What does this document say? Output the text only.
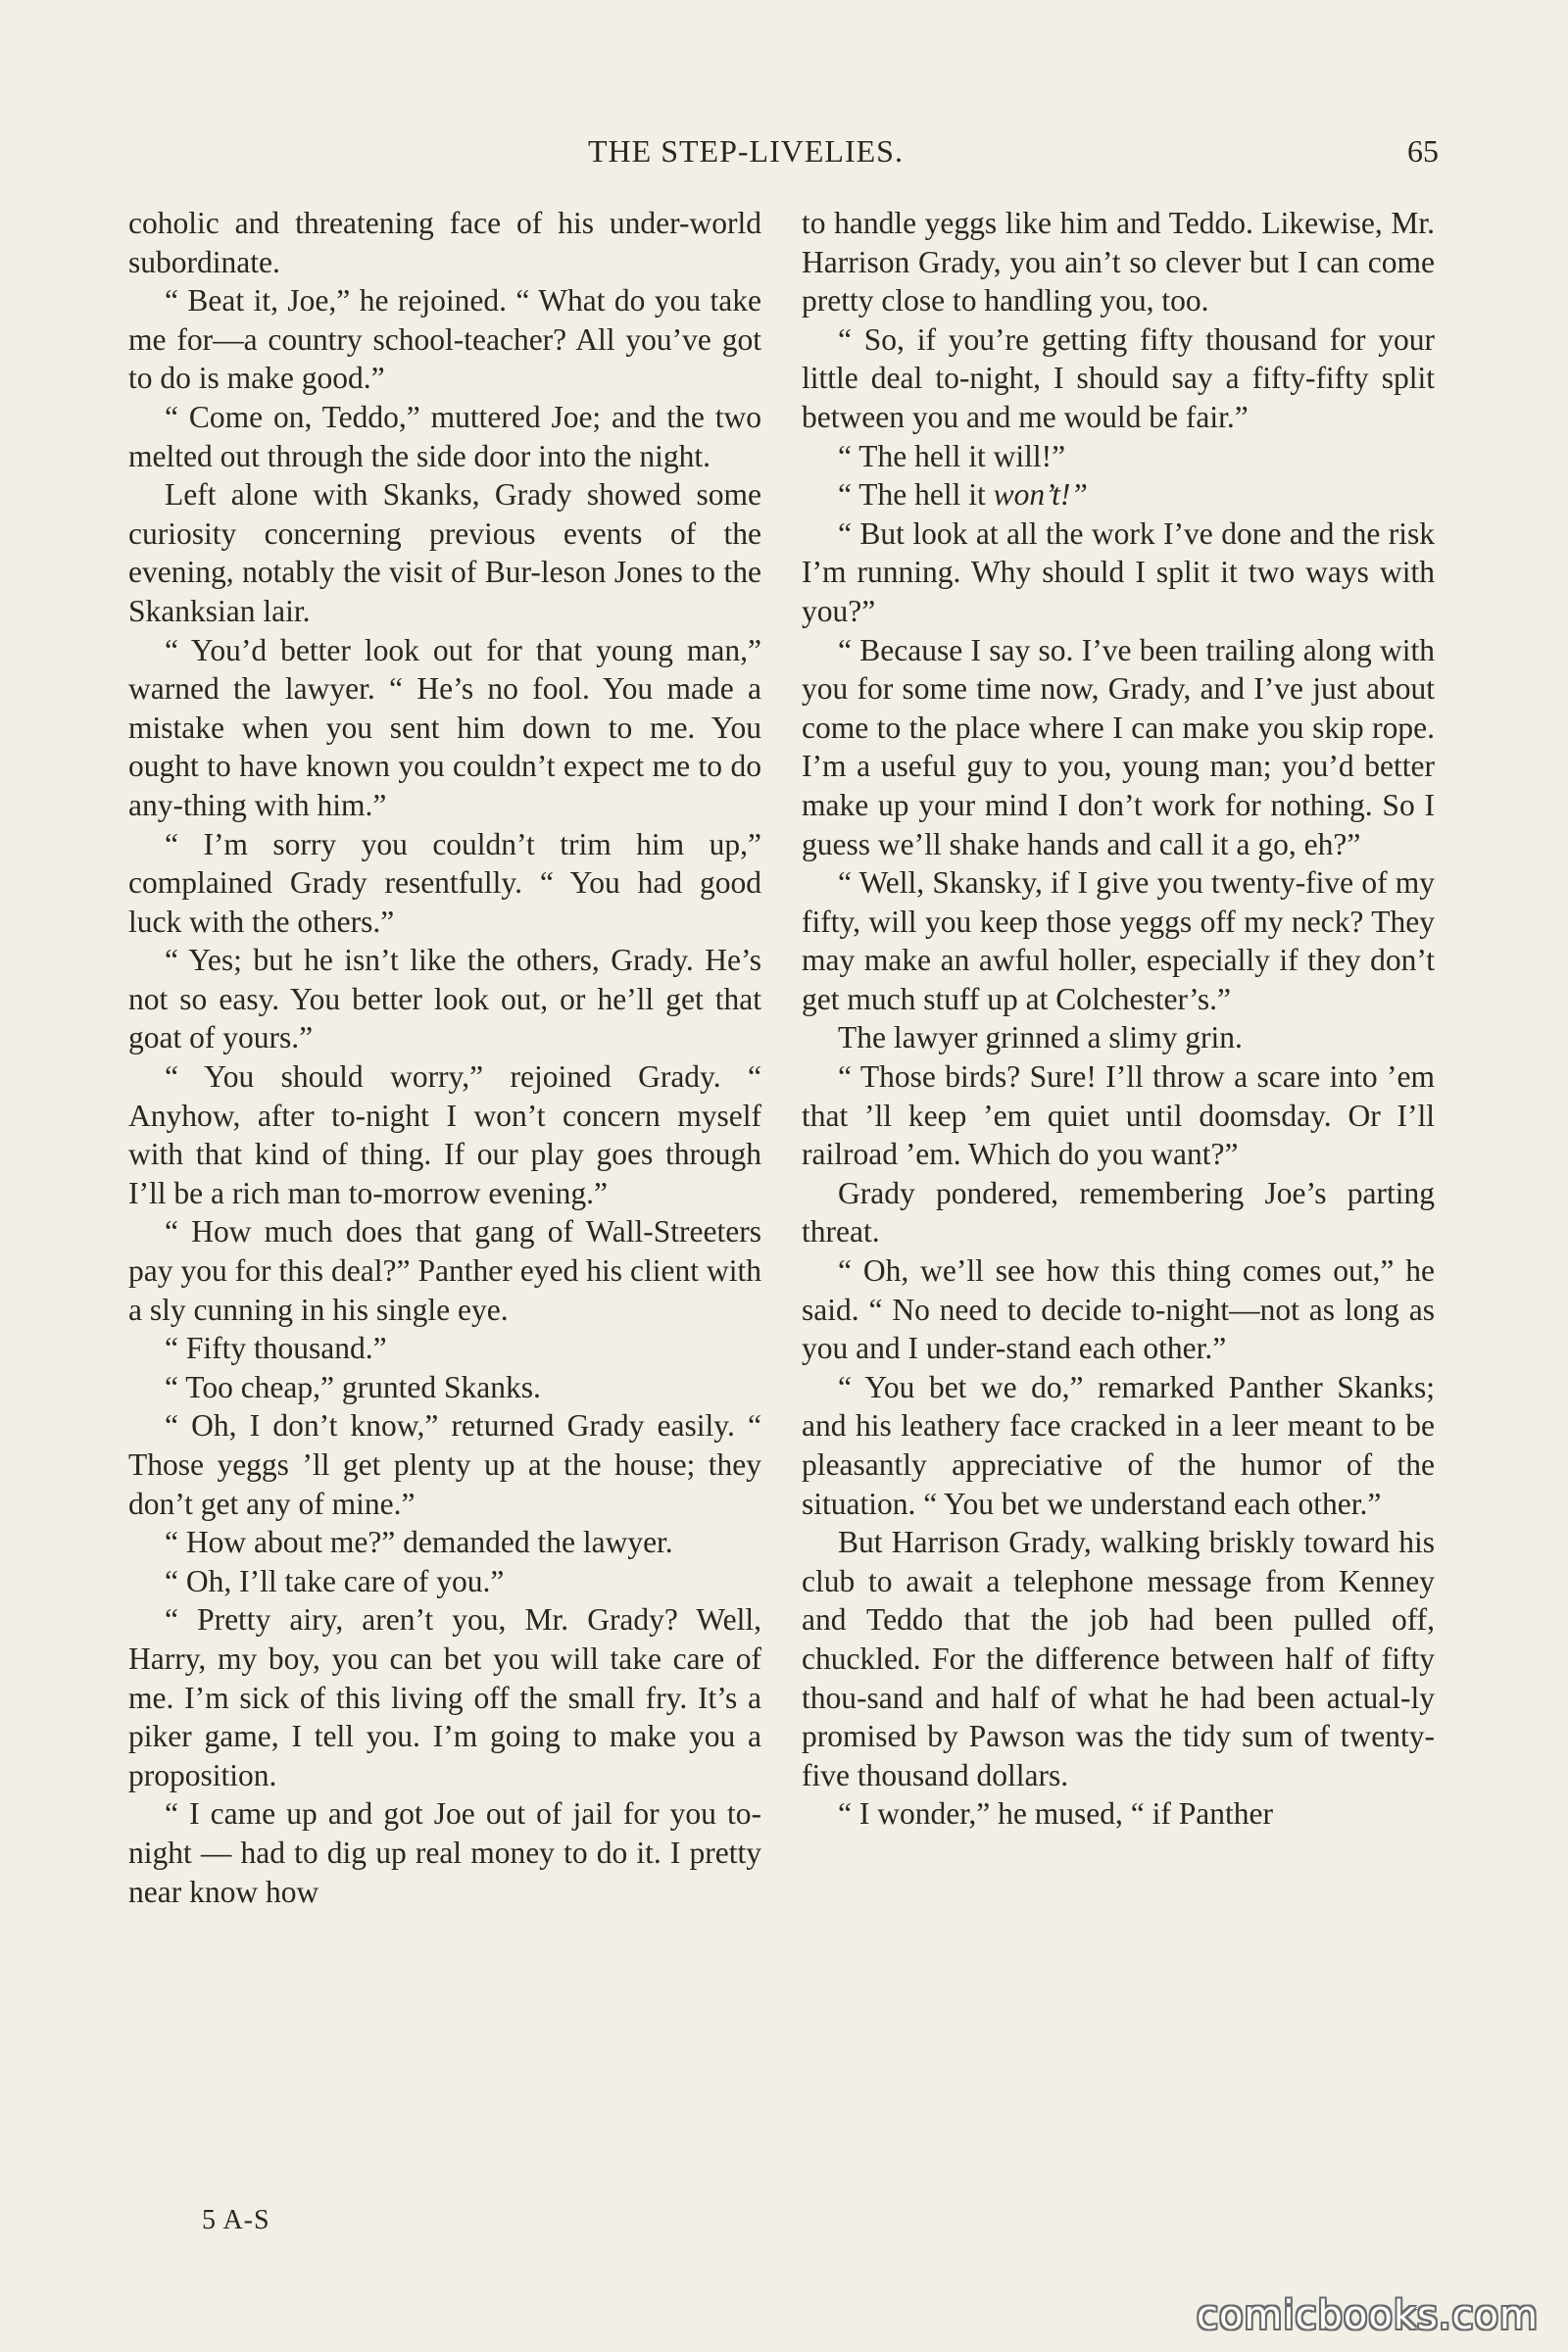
THE STEP-LIVELIES.	65

coholic and threatening face of his under-world subordinate.

“ Beat it, Joe,” he rejoined. “ What do you take me for—a country school-teacher? All you’ve got to do is make good.”

“ Come on, Teddo,” muttered Joe; and the two melted out through the side door into the night.

Left alone with Skanks, Grady showed some curiosity concerning previous events of the evening, notably the visit of Bur-leson Jones to the Skanksian lair.

“ You’d better look out for that young man,” warned the lawyer. “ He’s no fool. You made a mistake when you sent him down to me. You ought to have known you couldn’t expect me to do any-thing with him.”

“ I’m sorry you couldn’t trim him up,” complained Grady resentfully. “ You had good luck with the others.”

“ Yes; but he isn’t like the others, Grady. He’s not so easy. You better look out, or he’ll get that goat of yours.”

“ You should worry,” rejoined Grady. “ Anyhow, after to-night I won’t concern myself with that kind of thing. If our play goes through I’ll be a rich man to-morrow evening.”

“ How much does that gang of Wall-Streeters pay you for this deal?” Panther eyed his client with a sly cunning in his single eye.

“ Fifty thousand.”

“ Too cheap,” grunted Skanks.

“ Oh, I don’t know,” returned Grady easily. “ Those yeggs ’ll get plenty up at the house; they don’t get any of mine.”

“ How about me?” demanded the lawyer.

“ Oh, I’ll take care of you.”

“ Pretty airy, aren’t you, Mr. Grady? Well, Harry, my boy, you can bet you will take care of me. I’m sick of this living off the small fry. It’s a piker game, I tell you. I’m going to make you a proposition.

“ I came up and got Joe out of jail for you to-night — had to dig up real money to do it. I pretty near know how

to handle yeggs like him and Teddo. Likewise, Mr. Harrison Grady, you ain’t so clever but I can come pretty close to handling you, too.

“ So, if you’re getting fifty thousand for your little deal to-night, I should say a fifty-fifty split between you and me would be fair.”

“ The hell it will!”

“ The hell it won’t!”

“ But look at all the work I’ve done and the risk I’m running. Why should I split it two ways with you?”

“ Because I say so. I’ve been trailing along with you for some time now, Grady, and I’ve just about come to the place where I can make you skip rope. I’m a useful guy to you, young man; you’d better make up your mind I don’t work for nothing. So I guess we’ll shake hands and call it a go, eh?”

“ Well, Skansky, if I give you twenty-five of my fifty, will you keep those yeggs off my neck? They may make an awful holler, especially if they don’t get much stuff up at Colchester’s.”

The lawyer grinned a slimy grin.

“ Those birds? Sure! I’ll throw a scare into ’em that ’ll keep ’em quiet until doomsday. Or I’ll railroad ’em. Which do you want?”

Grady pondered, remembering Joe’s parting threat.

“ Oh, we’ll see how this thing comes out,” he said. “ No need to decide to-night—not as long as you and I under-stand each other.”

“ You bet we do,” remarked Panther Skanks; and his leathery face cracked in a leer meant to be pleasantly appreciative of the humor of the situation. “ You bet we understand each other.”

But Harrison Grady, walking briskly toward his club to await a telephone message from Kenney and Teddo that the job had been pulled off, chuckled. For the difference between half of fifty thou-sand and half of what he had been actual-ly promised by Pawson was the tidy sum of twenty-five thousand dollars.

“ I wonder,” he mused, “ if Panther

5 A-S
comicbooks.com
